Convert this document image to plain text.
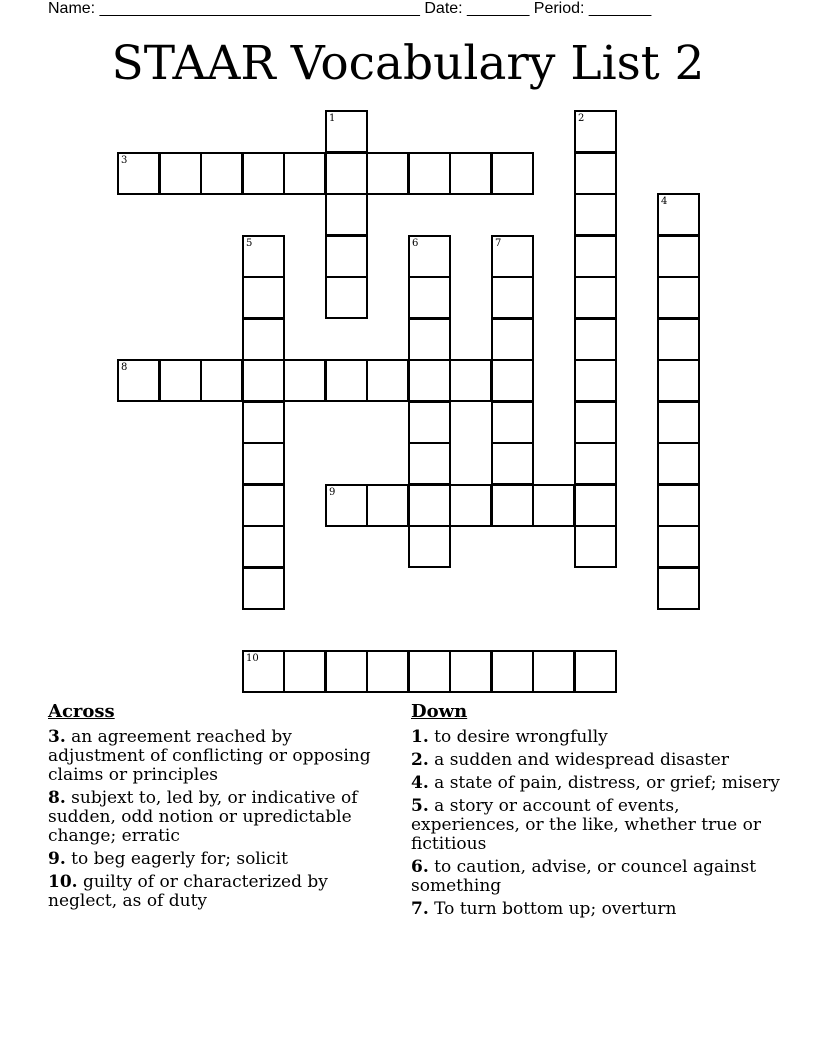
Name: ____________________________________ Date: _______ Period: _______
STAAR Vocabulary List 2
1	2
3
4
5	6	7
8
9
10
Across
3. an agreement reached by adjustment of conflicting or opposing claims or principles
8. subjext to, led by, or indicative of sudden, odd notion or upredictable change; erratic
9. to beg eagerly for; solicit
10. guilty of or characterized by neglect, as of duty
Down
1. to desire wrongfully
2. a sudden and widespread disaster
4. a state of pain, distress, or grief; misery
5. a story or account of events, experiences, or the like, whether true or fictitious
6. to caution, advise, or councel against something
7. To turn bottom up; overturn
